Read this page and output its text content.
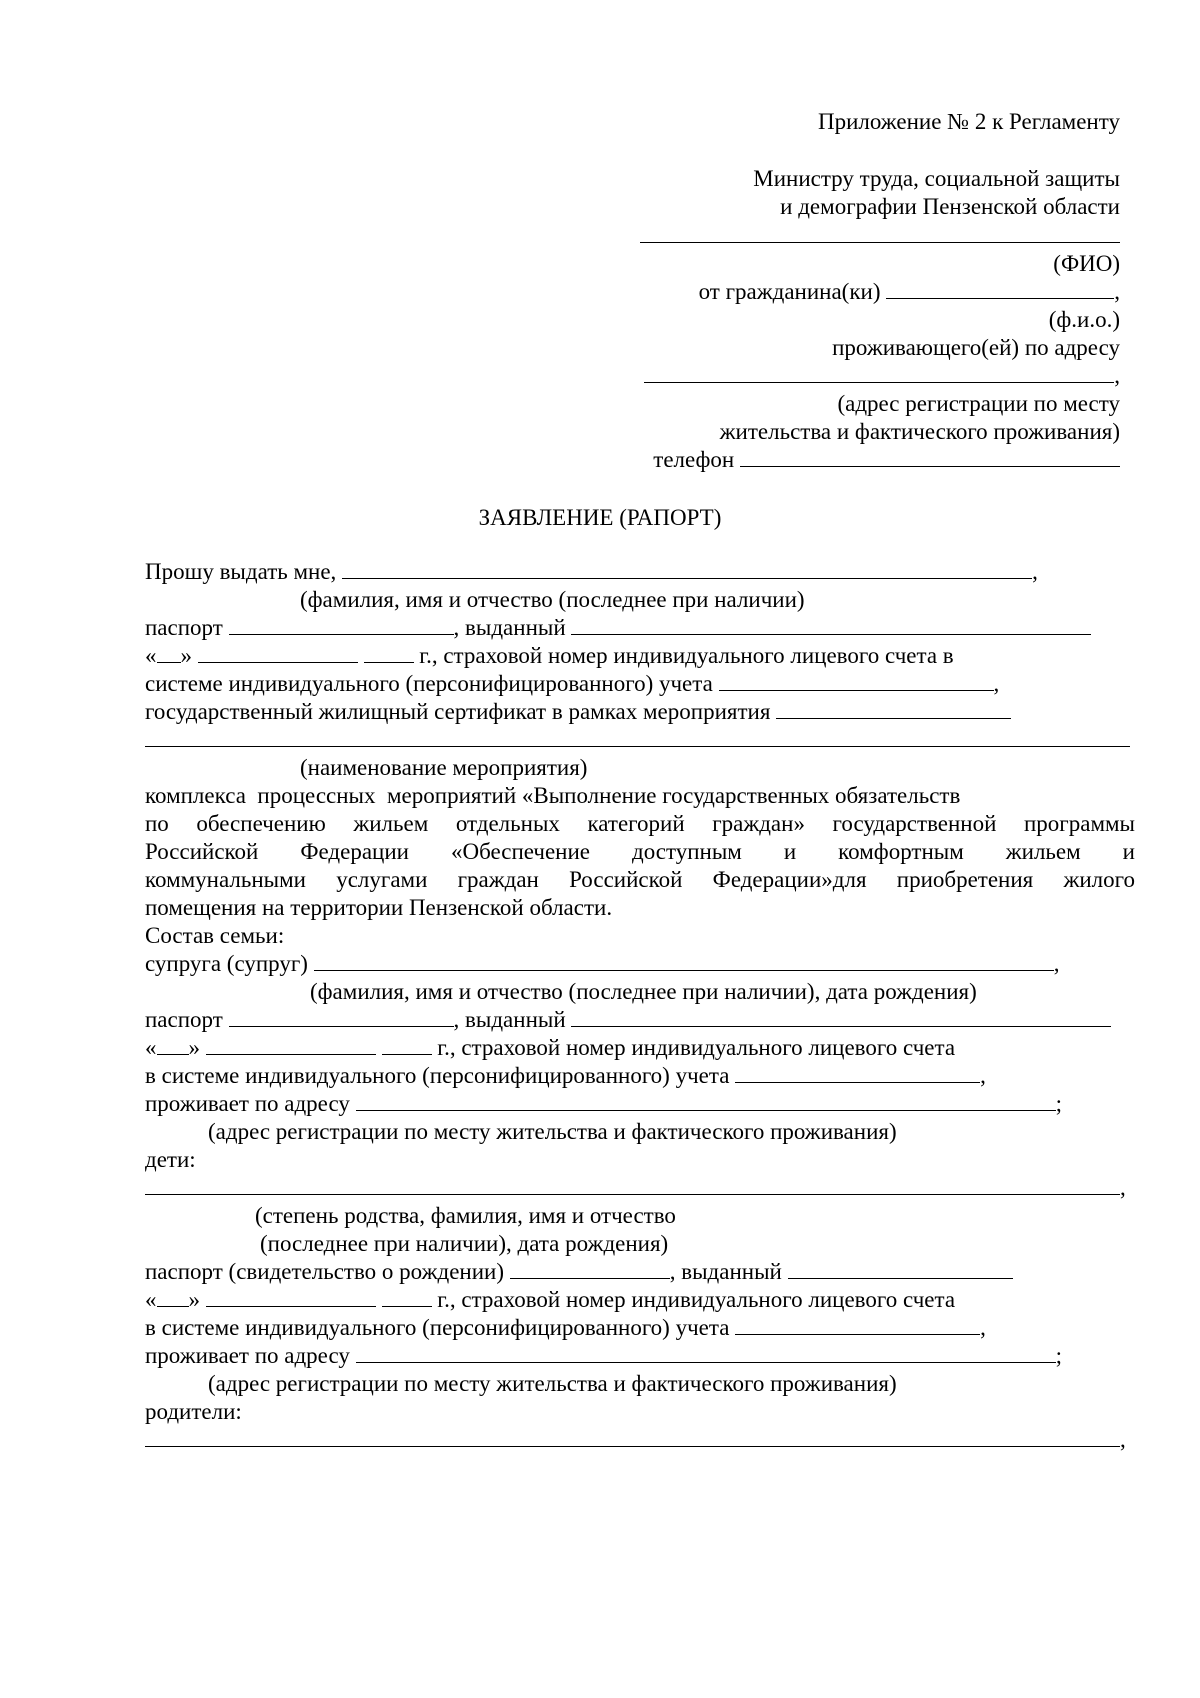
Приложение № 2 к Регламенту

Министру труда, социальной защиты

и демографии Пензенской области

(ФИО)

от гражданина(ки)	,

(ф.и.о.)

проживающего(ей) по адресу

,

(адрес регистрации по месту

жительства и фактического проживания)

телефон

ЗАЯВЛЕНИЕ (РАПОРТ)

Прошу выдать мне,	,

(фамилия, имя и отчество (последнее при наличии)

паспорт	, выданный

« »	г., страховой номер индивидуального лицевого счета в

системе индивидуального (персонифицированного) учета	,

государственный жилищный сертификат в рамках мероприятия

(наименование мероприятия)

комплекса  процессных  мероприятий «Выполнение государственных обязательств

по обеспечению жильем отдельных категорий граждан» государственной программы

Российской Федерации «Обеспечение доступным и комфортным жильем и

коммунальными услугами граждан Российской Федерации»для приобретения жилого

помещения на территории Пензенской области.

Состав семьи:

супруга (супруг)	,

(фамилия, имя и отчество (последнее при наличии), дата рождения)

паспорт	, выданный

« »	г., страховой номер индивидуального лицевого счета

в системе индивидуального (персонифицированного) учета	,

проживает по адресу	;

(адрес регистрации по месту жительства и фактического проживания)

дети:

,

(степень родства, фамилия, имя и отчество

(последнее при наличии), дата рождения)

паспорт (свидетельство о рождении)	, выданный

« »	г., страховой номер индивидуального лицевого счета

в системе индивидуального (персонифицированного) учета	,

проживает по адресу	;

(адрес регистрации по месту жительства и фактического проживания)

родители:

,
